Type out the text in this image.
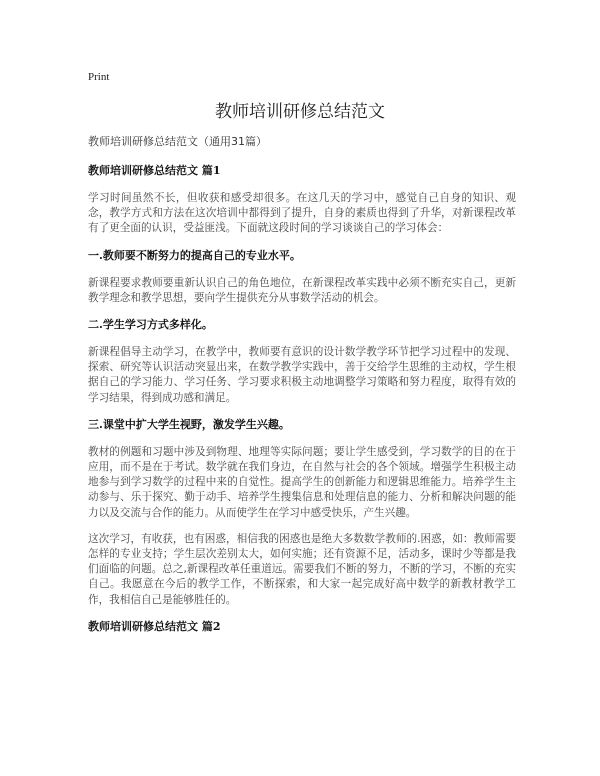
Print
教师培训研修总结范文

教师培训研修总结范文（通用31篇）

教师培训研修总结范文 篇1

学习时间虽然不长，但收获和感受却很多。在这几天的学习中，感觉自己自身的知识、观念，教学方式和方法在这次培训中都得到了提升，自身的素质也得到了升华，对新课程改革有了更全面的认识，受益匪浅。下面就这段时间的学习谈谈自己的学习体会：

一.教师要不断努力的提高自己的专业水平。

新课程要求教师要重新认识自己的角色地位，在新课程改革实践中必须不断充实自己，更新教学理念和教学思想，要向学生提供充分从事数学活动的机会。

二.学生学习方式多样化。

新课程倡导主动学习，在教学中，教师要有意识的设计数学教学环节把学习过程中的发现、探索、研究等认识活动突显出来，在数学教学实践中，善于交给学生思维的主动权，学生根据自己的学习能力、学习任务、学习要求积极主动地调整学习策略和努力程度，取得有效的学习结果，得到成功感和满足。

三.课堂中扩大学生视野，激发学生兴趣。

教材的例题和习题中涉及到物理、地理等实际问题；要让学生感受到，学习数学的目的在于应用，而不是在于考试。数学就在我们身边，在自然与社会的各个领域。增强学生积极主动地参与到学习数学的过程中来的自觉性。提高学生的创新能力和逻辑思维能力。培养学生主动参与、乐于探究、勤于动手、培养学生搜集信息和处理信息的能力、分析和解决问题的能力以及交流与合作的能力。从而使学生在学习中感受快乐，产生兴趣。

这次学习，有收获，也有困惑，相信我的困惑也是绝大多数数学教师的.困惑，如：教师需要怎样的专业支持；学生层次差别太大，如何实施；还有资源不足，活动多，课时少等都是我们面临的问题。总之,新课程改革任重道远。需要我们不断的努力，不断的学习，不断的充实自己。我愿意在今后的教学工作，不断探索，和大家一起完成好高中数学的新教材教学工作，我相信自己是能够胜任的。

教师培训研修总结范文 篇2
